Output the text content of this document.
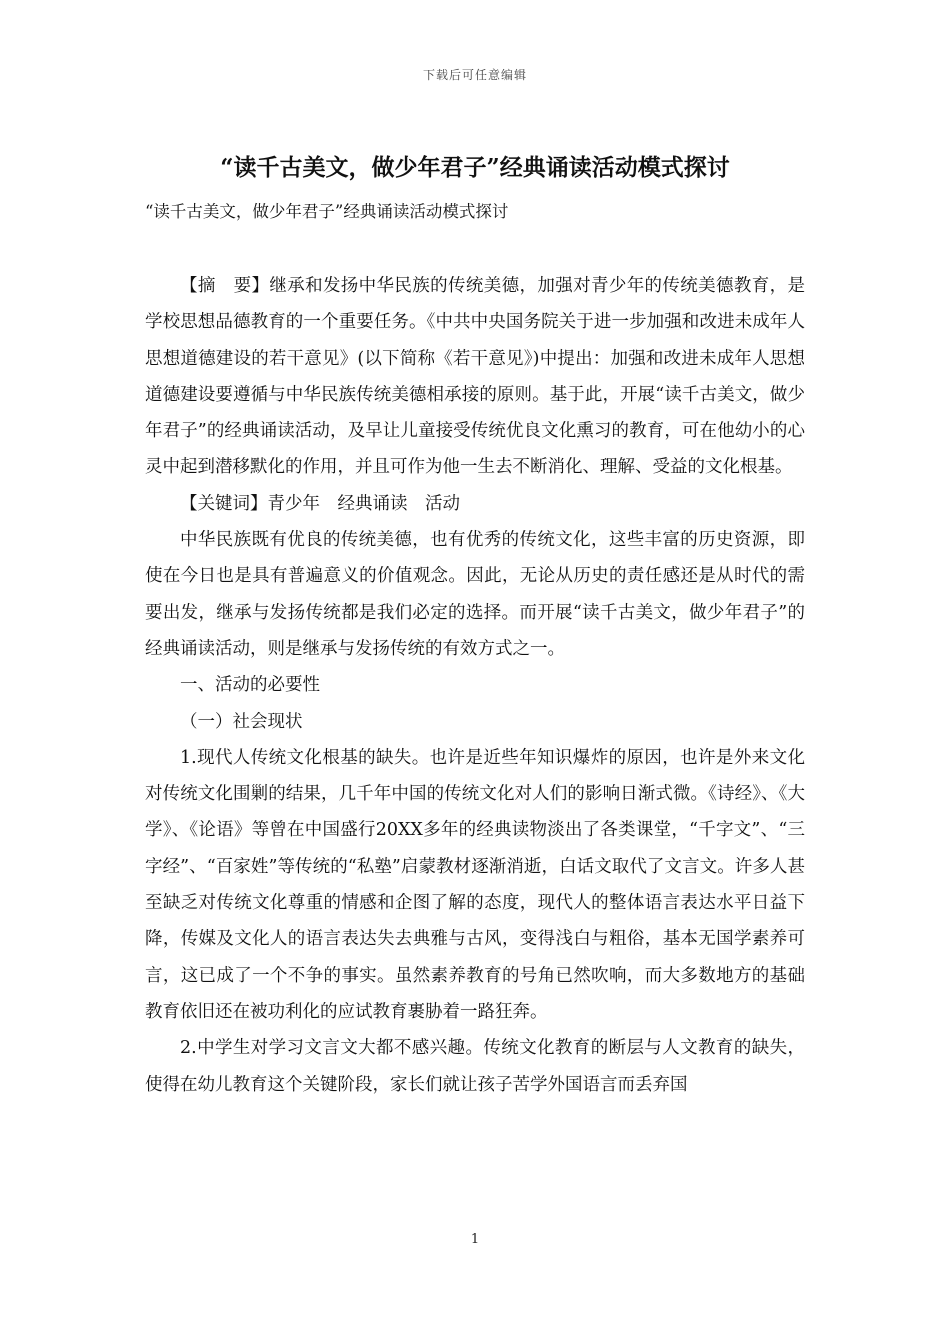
下载后可任意编辑
“读千古美文，做少年君子”经典诵读活动模式探讨
“读千古美文，做少年君子”经典诵读活动模式探讨

【摘　要】继承和发扬中华民族的传统美德，加强对青少年的传统美德教育，是学校思想品德教育的一个重要任务。《中共中央国务院关于进一步加强和改进未成年人思想道德建设的若干意见》(以下简称《若干意见》)中提出：加强和改进未成年人思想道德建设要遵循与中华民族传统美德相承接的原则。基于此，开展“读千古美文，做少年君子”的经典诵读活动，及早让儿童接受传统优良文化熏习的教育，可在他幼小的心灵中起到潜移默化的作用，并且可作为他一生去不断消化、理解、受益的文化根基。

【关键词】青少年　经典诵读　活动

中华民族既有优良的传统美德，也有优秀的传统文化，这些丰富的历史资源，即使在今日也是具有普遍意义的价值观念。因此，无论从历史的责任感还是从时代的需要出发，继承与发扬传统都是我们必定的选择。而开展“读千古美文，做少年君子”的经典诵读活动，则是继承与发扬传统的有效方式之一。

一、活动的必要性

（一）社会现状

1.现代人传统文化根基的缺失。也许是近些年知识爆炸的原因，也许是外来文化对传统文化围剿的结果，几千年中国的传统文化对人们的影响日渐式微。《诗经》、《大学》、《论语》等曾在中国盛行20XX多年的经典读物淡出了各类课堂，“千字文”、“三字经”、“百家姓”等传统的“私塾”启蒙教材逐渐消逝，白话文取代了文言文。许多人甚至缺乏对传统文化尊重的情感和企图了解的态度，现代人的整体语言表达水平日益下降，传媒及文化人的语言表达失去典雅与古风，变得浅白与粗俗，基本无国学素养可言，这已成了一个不争的事实。虽然素养教育的号角已然吹响，而大多数地方的基础教育依旧还在被功利化的应试教育裹胁着一路狂奔。

2.中学生对学习文言文大都不感兴趣。传统文化教育的断层与人文教育的缺失，使得在幼儿教育这个关键阶段，家长们就让孩子苦学外国语言而丢弃国

1
